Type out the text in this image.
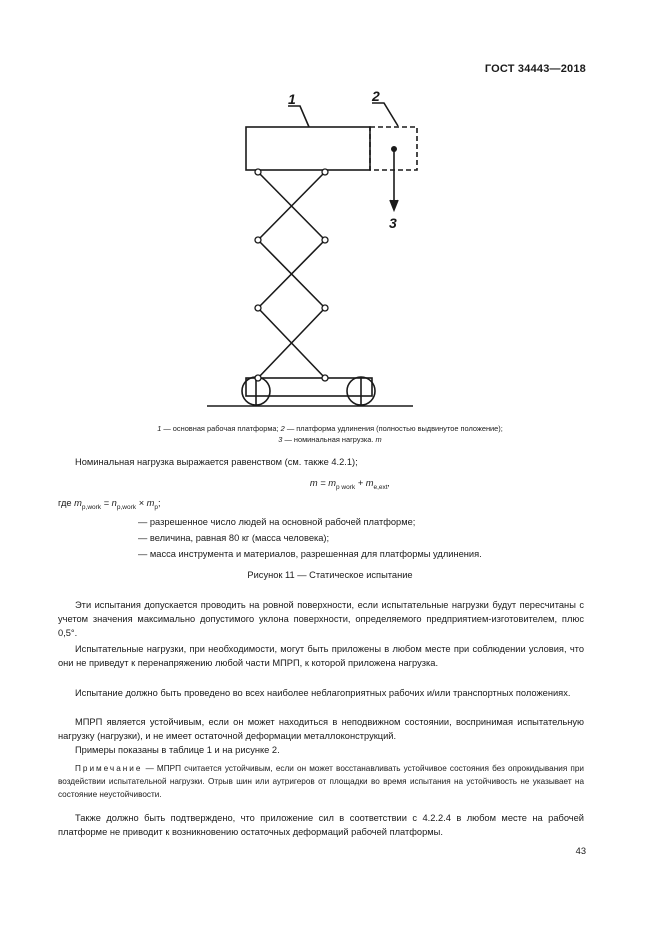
ГОСТ 34443—2018
1	2
3
1 — основная рабочая платформа; 2 — платформа удлинения (полностью выдвинутое положение);
3 — номинальная нагрузка. m
Номинальная нагрузка выражается равенством (см. также 4.2.1);
$m = m_{p work} + m_{e,ext}$,
где $m_{p,work} = n_{p,work} \times m_p$;
— разрешенное число людей на основной рабочей платформе;
— величина, равная 80 кг (масса человека);
— масса инструмента и материалов, разрешенная для платформы удлинения.
Рисунок 11 — Статическое испытание
Эти испытания допускается проводить на ровной поверхности, если испытательные нагрузки будут пересчитаны с учетом значения максимально допустимого уклона поверхности, определяемого предприятием-изготовителем, плюс 0,5°.
Испытательные нагрузки, при необходимости, могут быть приложены в любом месте при соблюдении условия, что они не приведут к перенапряжению любой части МПРП, к которой приложена нагрузка.
Испытание должно быть проведено во всех наиболее неблагоприятных рабочих и/или транспортных положениях.
МПРП является устойчивым, если он может находиться в неподвижном состоянии, воспринимая испытательную нагрузку (нагрузки), и не имеет остаточной деформации металлоконструкций.
Примеры показаны в таблице 1 и на рисунке 2.
Примечание — МПРП считается устойчивым, если он может восстанавливать устойчивое состояния без опрокидывания при воздействии испытательной нагрузки. Отрыв шин или аутригеров от площадки во время испытания на устойчивость не указывает на состояние неустойчивости.
Также должно быть подтверждено, что приложение сил в соответствии с 4.2.2.4 в любом месте на рабочей платформе не приводит к возникновению остаточных деформаций рабочей платформы.
43
